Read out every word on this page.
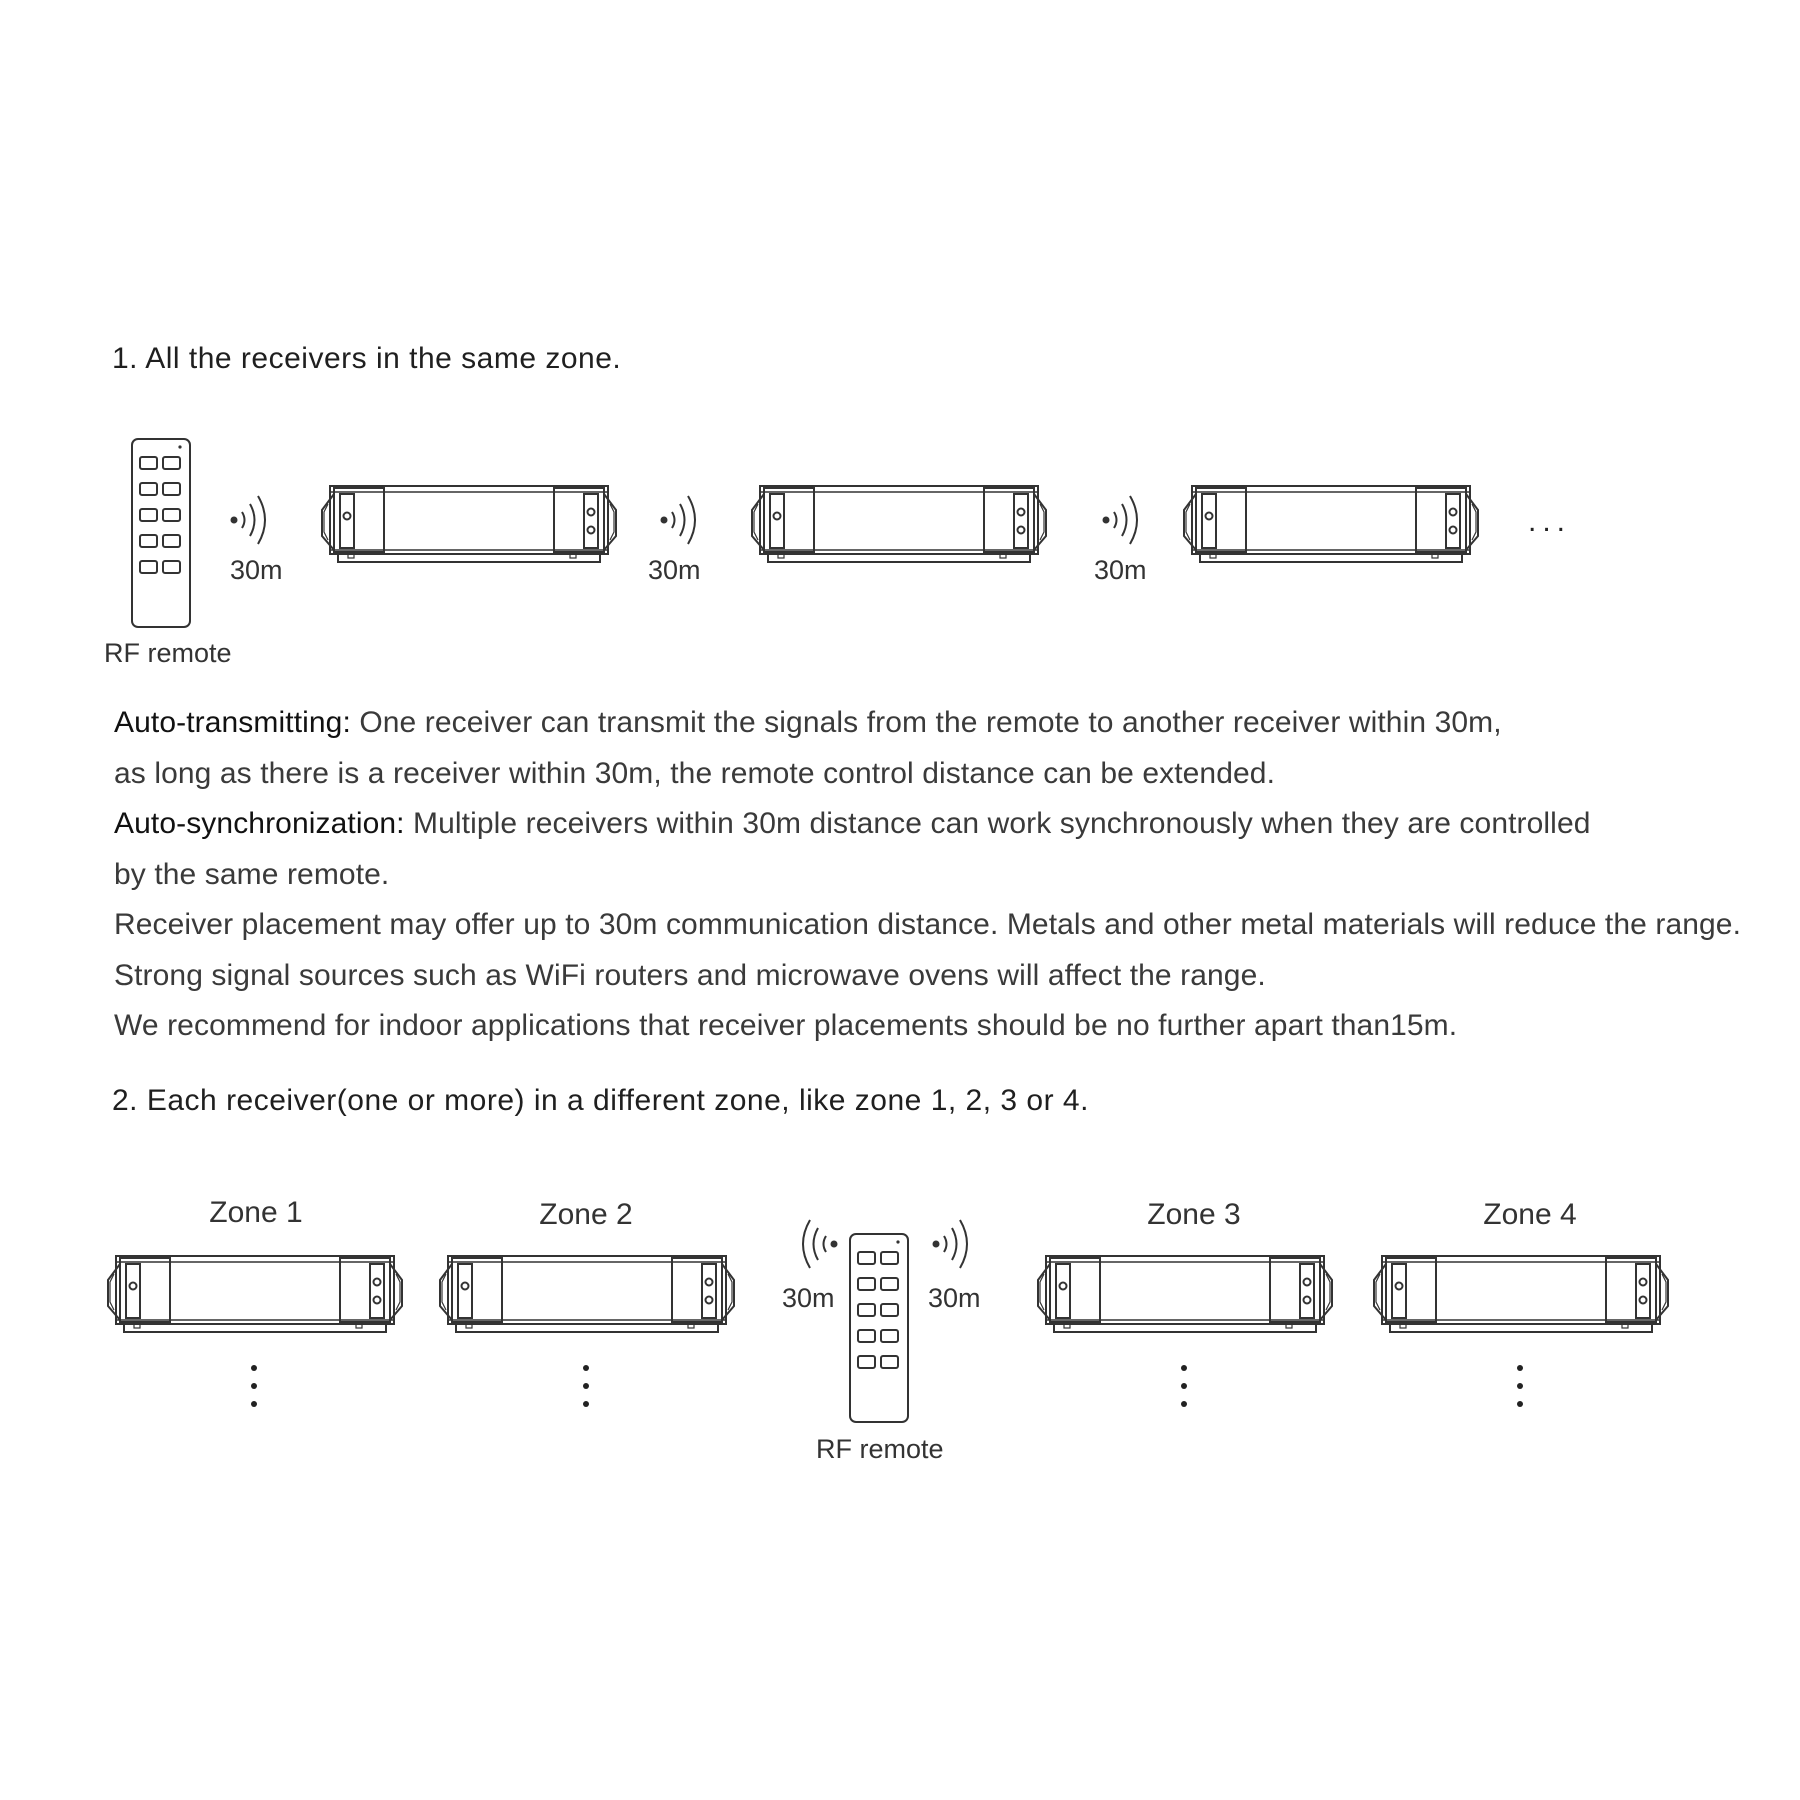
1. All the receivers in the same zone.
RF remote
30m	30m	30m
...
Auto-transmitting: One receiver can transmit the signals from the remote to another receiver within 30m,
as long as there is a receiver within 30m, the remote control distance can be extended.
Auto-synchronization: Multiple receivers within 30m distance can work synchronously when they are controlled
by the same remote.
Receiver placement may offer up to 30m communication distance. Metals and other metal materials will reduce the range.
Strong signal sources such as WiFi routers and microwave ovens will affect the range.
We recommend for indoor applications that receiver placements should be no further apart than15m.
2. Each receiver(one or more) in a different zone, like zone 1, 2, 3 or 4.
Zone 1	Zone 2	Zone 3	Zone 4
30m	30m
RF remote
